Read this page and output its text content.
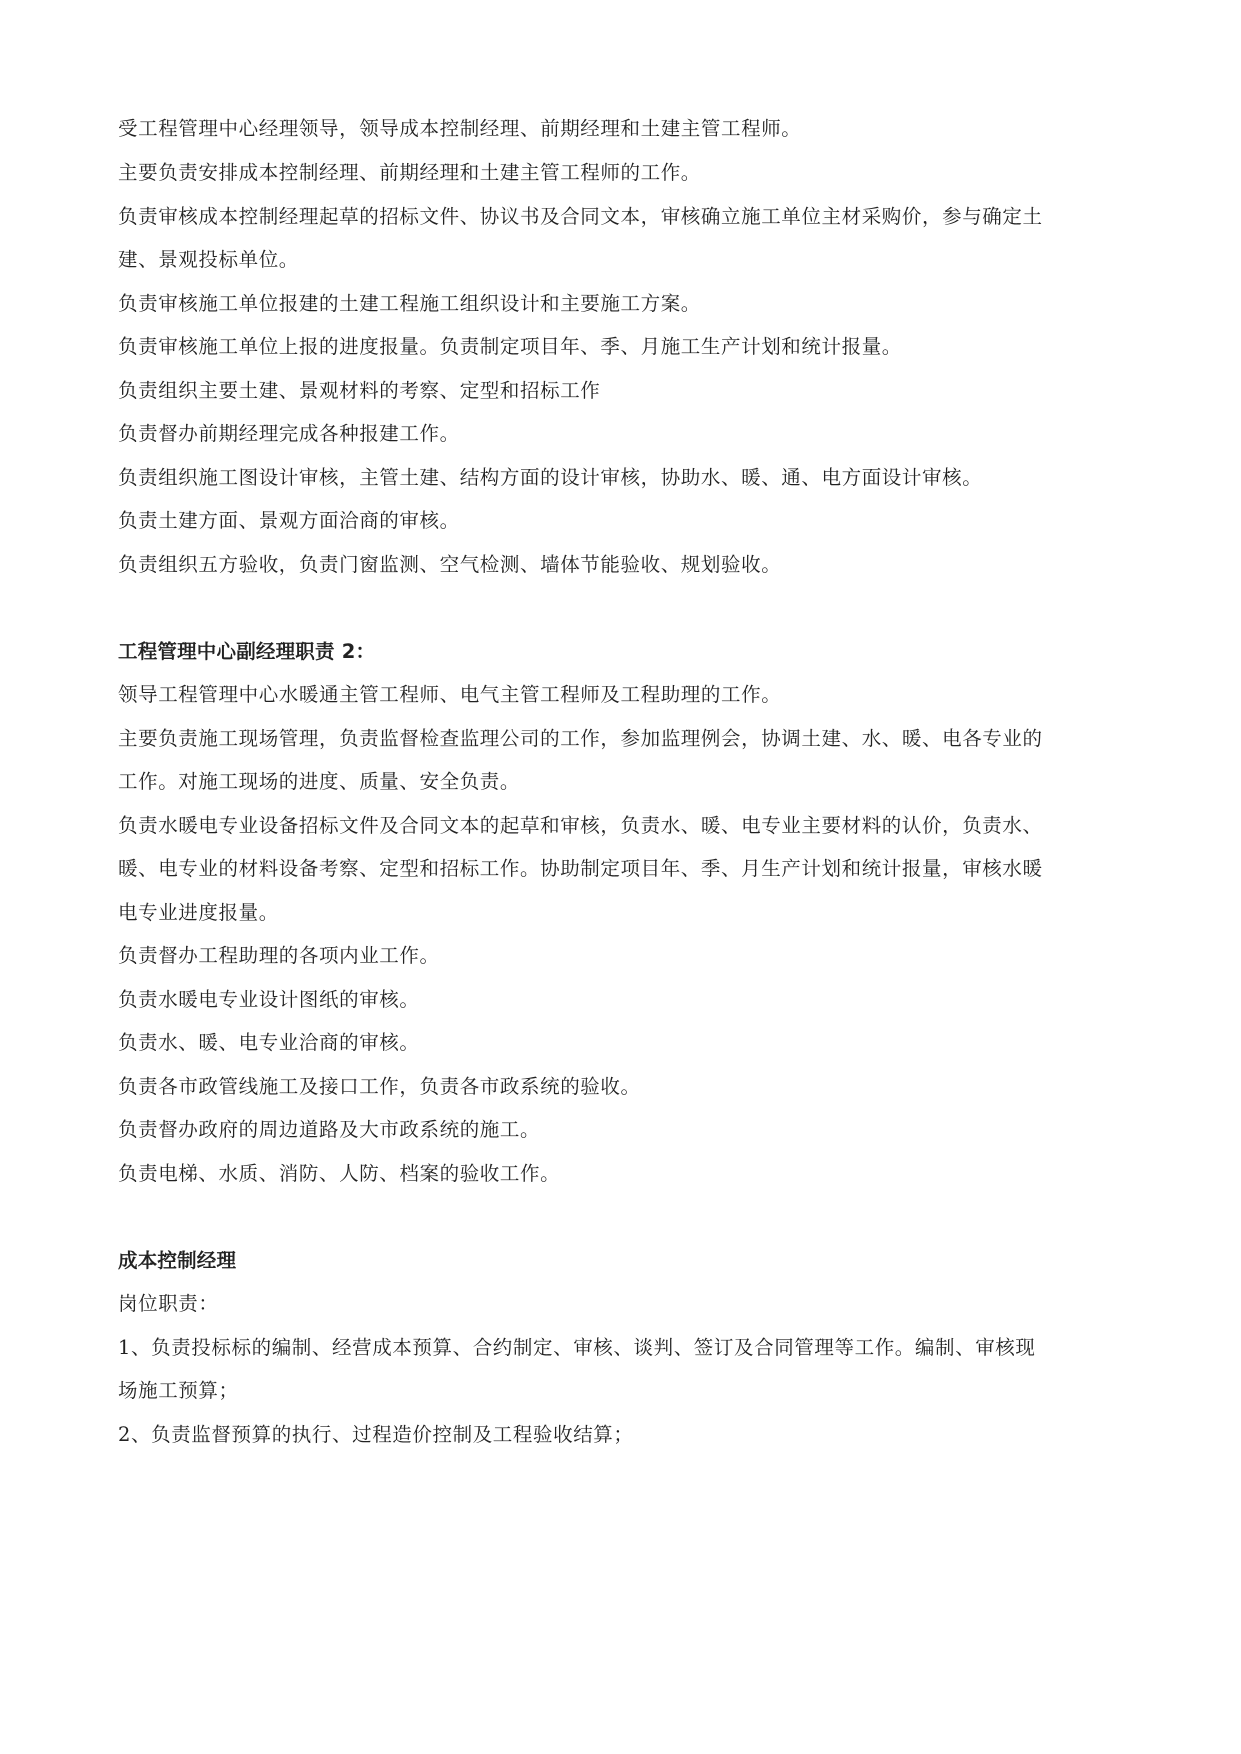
受工程管理中心经理领导，领导成本控制经理、前期经理和土建主管工程师。
主要负责安排成本控制经理、前期经理和土建主管工程师的工作。
负责审核成本控制经理起草的招标文件、协议书及合同文本，审核确立施工单位主材采购价，参与确定土
建、景观投标单位。
负责审核施工单位报建的土建工程施工组织设计和主要施工方案。
负责审核施工单位上报的进度报量。负责制定项目年、季、月施工生产计划和统计报量。
负责组织主要土建、景观材料的考察、定型和招标工作
负责督办前期经理完成各种报建工作。
负责组织施工图设计审核，主管土建、结构方面的设计审核，协助水、暖、通、电方面设计审核。
负责土建方面、景观方面洽商的审核。
负责组织五方验收，负责门窗监测、空气检测、墙体节能验收、规划验收。
工程管理中心副经理职责 2：
领导工程管理中心水暖通主管工程师、电气主管工程师及工程助理的工作。
主要负责施工现场管理，负责监督检查监理公司的工作，参加监理例会，协调土建、水、暖、电各专业的
工作。对施工现场的进度、质量、安全负责。
负责水暖电专业设备招标文件及合同文本的起草和审核，负责水、暖、电专业主要材料的认价，负责水、
暖、电专业的材料设备考察、定型和招标工作。协助制定项目年、季、月生产计划和统计报量，审核水暖
电专业进度报量。
负责督办工程助理的各项内业工作。
负责水暖电专业设计图纸的审核。
负责水、暖、电专业洽商的审核。
负责各市政管线施工及接口工作，负责各市政系统的验收。
负责督办政府的周边道路及大市政系统的施工。
负责电梯、水质、消防、人防、档案的验收工作。
成本控制经理
岗位职责：
1、负责投标标的编制、经营成本预算、合约制定、审核、谈判、签订及合同管理等工作。编制、审核现
场施工预算；
2、负责监督预算的执行、过程造价控制及工程验收结算；
